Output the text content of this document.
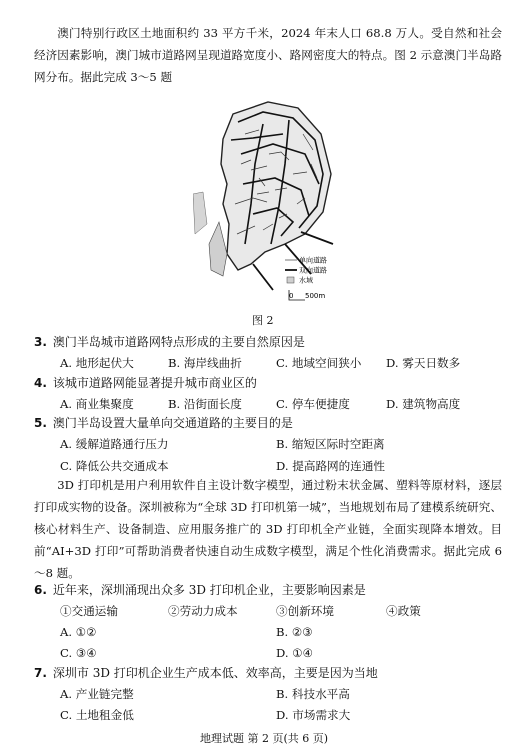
澳门特别行政区土地面积约 33 平方千米，2024 年末人口 68.8 万人。受自然和社会经济因素影响，澳门城市道路网呈现道路宽度小、路网密度大的特点。图 2 示意澳门半岛路网分布。据此完成 3～5 题

单向道路
双向道路
水域
500m
0
图 2
3. 澳门半岛城市道路网特点形成的主要自然原因是
A. 地形起伏大	B. 海岸线曲折	C. 地域空间狭小 D. 雾天日数多
4. 该城市道路网能显著提升城市商业区的
A. 商业集聚度	B. 沿街面长度	C. 停车便捷度	D. 建筑物高度
5. 澳门半岛设置大量单向交通道路的主要目的是
A. 缓解道路通行压力	B. 缩短区际时空距离
C. 降低公共交通成本	D. 提高路网的连通性

3D 打印机是用户利用软件自主设计数字模型，通过粉末状金属、塑料等原材料，逐层打印成实物的设备。深圳被称为“全球 3D 打印机第一城”，当地规划布局了建模系统研究、核心材料生产、设备制造、应用服务推广的 3D 打印机全产业链，全面实现降本增效。目前“AI+3D 打印”可帮助消费者快速自动生成数字模型，满足个性化消费需求。据此完成 6～8 题。

6. 近年来，深圳涌现出众多 3D 打印机企业，主要影响因素是
①交通运输	②劳动力成本	③创新环境	④政策
A. ①②	B. ②③
C. ③④	D. ①④
7. 深圳市 3D 打印机企业生产成本低、效率高，主要是因为当地
A. 产业链完整	B. 科技水平高
C. 土地租金低	D. 市场需求大
地理试题 第 2 页(共 6 页)
